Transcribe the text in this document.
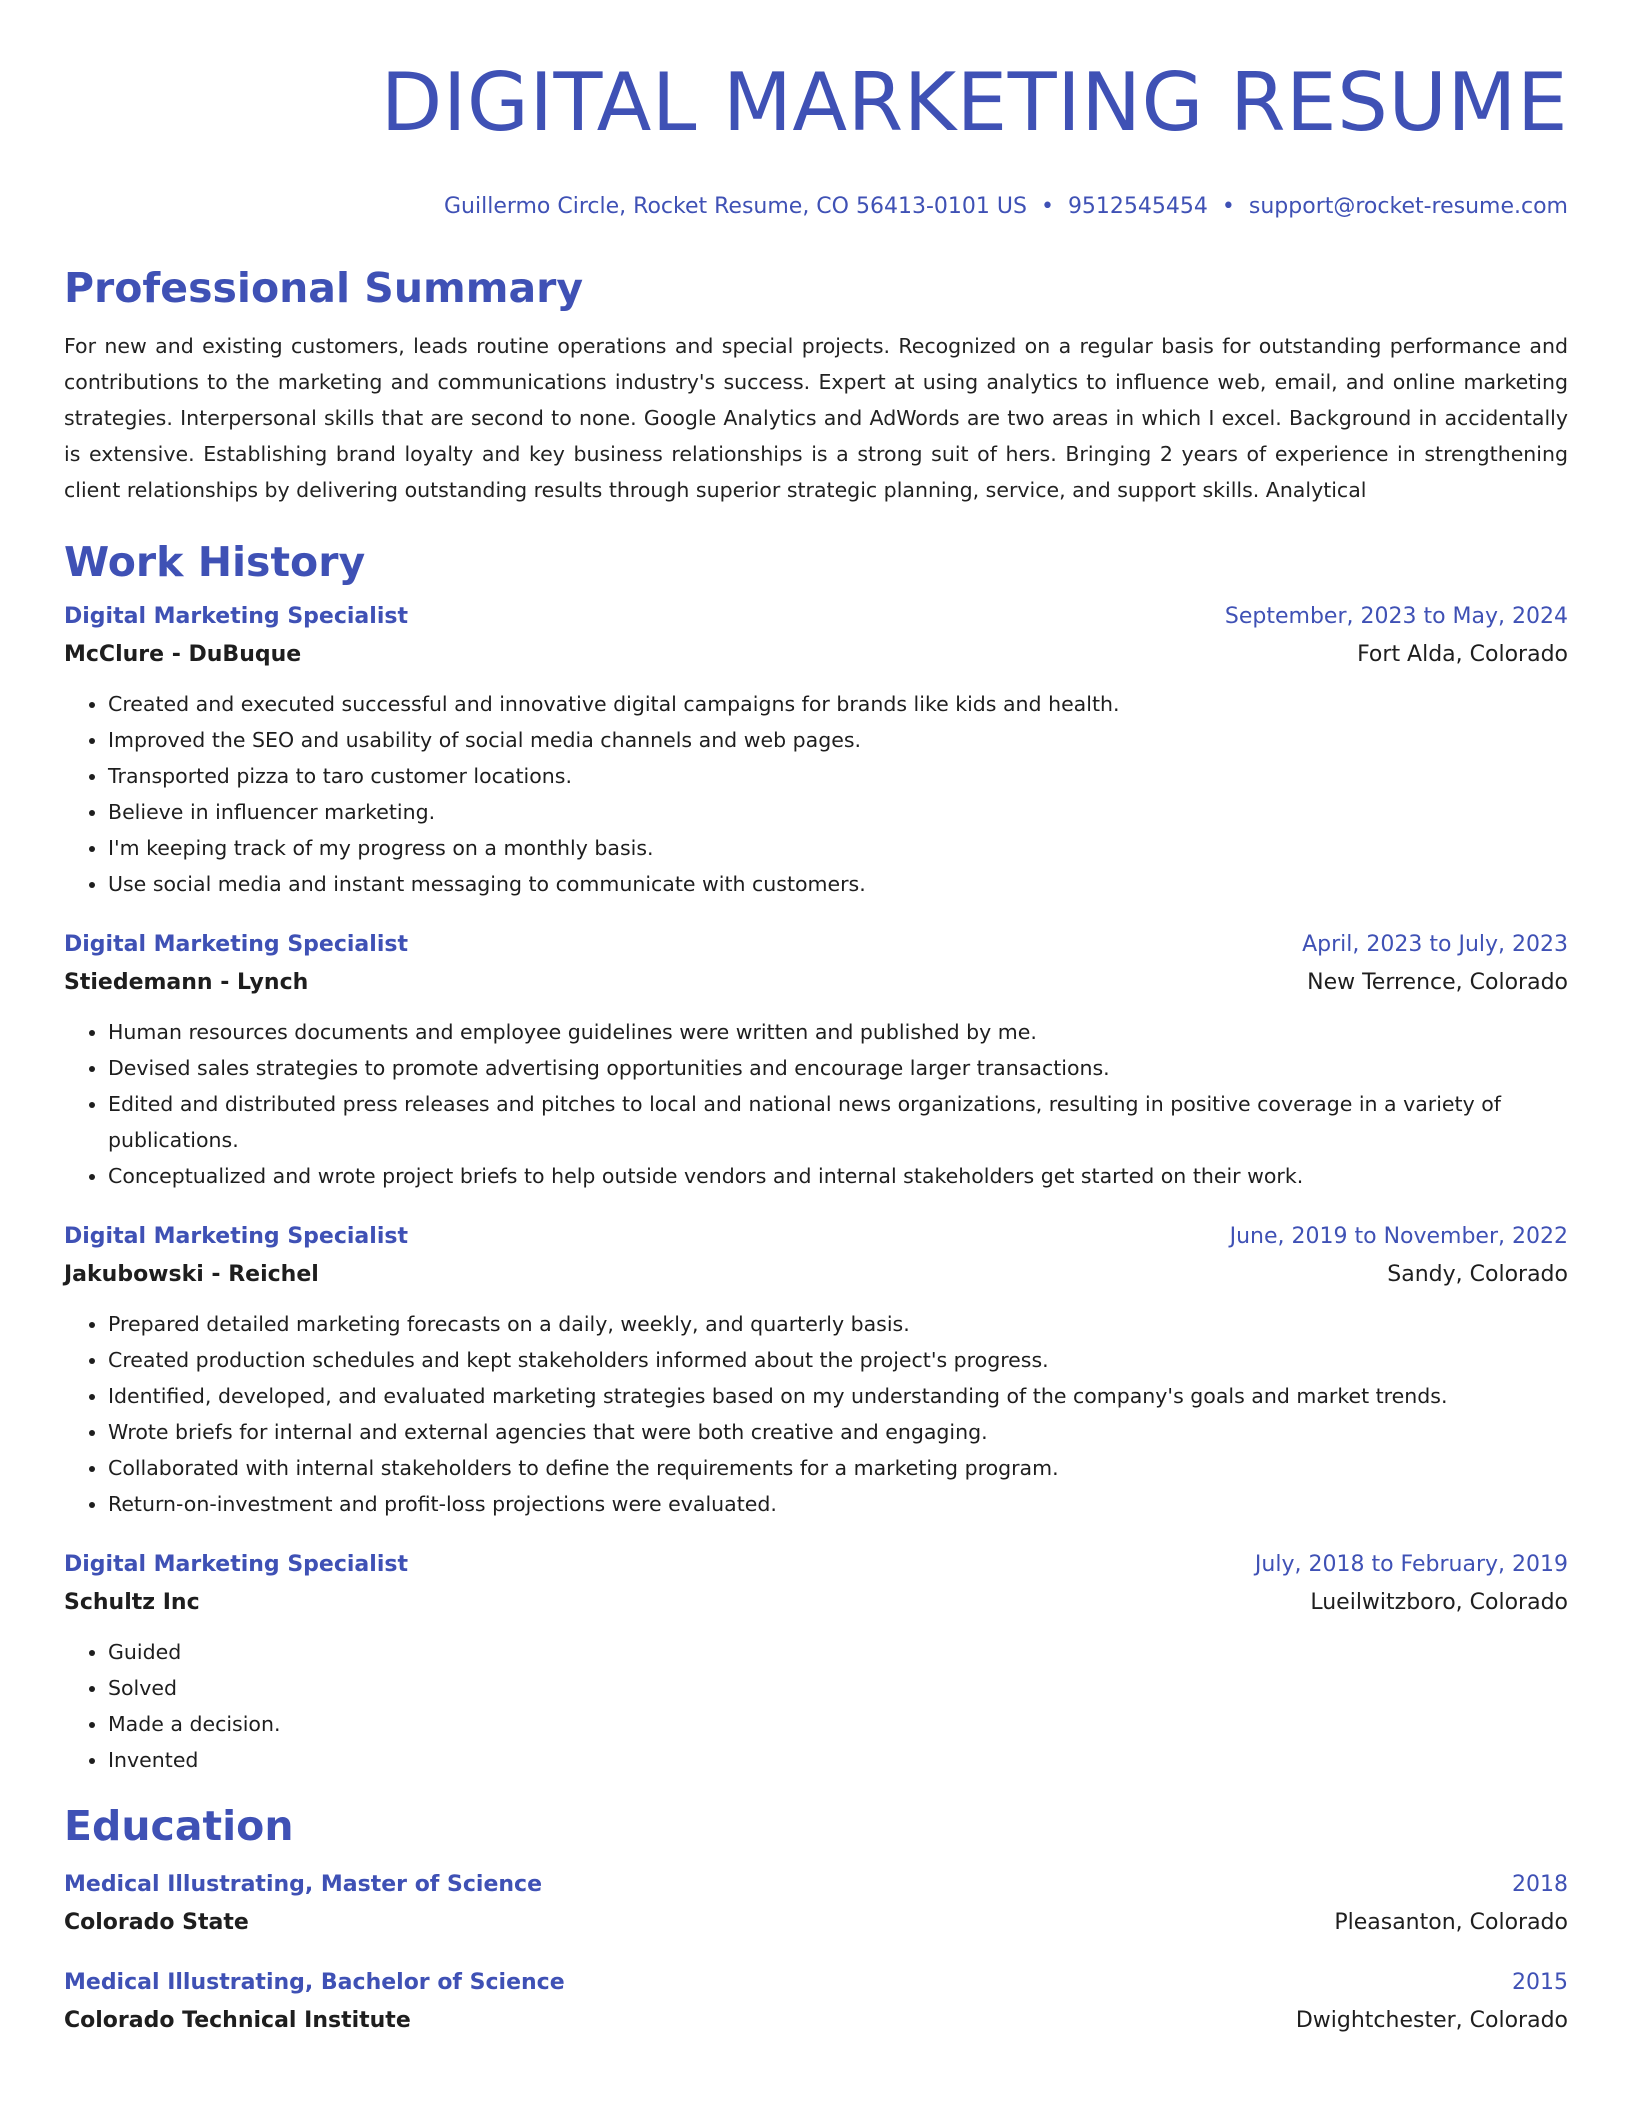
DIGITAL MARKETING RESUME
Guillermo Circle, Rocket Resume, CO 56413-0101 US • 9512545454 • support@rocket-resume.com
Professional Summary
For new and existing customers, leads routine operations and special projects. Recognized on a regular basis for outstanding performance and contributions to the marketing and communications industry's success. Expert at using analytics to influence web, email, and online marketing strategies. Interpersonal skills that are second to none. Google Analytics and AdWords are two areas in which I excel. Background in accidentally is extensive. Establishing brand loyalty and key business relationships is a strong suit of hers. Bringing 2 years of experience in strengthening client relationships by delivering outstanding results through superior strategic planning, service, and support skills. Analytical
Work History
Digital Marketing Specialist	September, 2023 to May, 2024
McClure - DuBuque	Fort Alda, Colorado
• Created and executed successful and innovative digital campaigns for brands like kids and health.
• Improved the SEO and usability of social media channels and web pages.
• Transported pizza to taro customer locations.
• Believe in influencer marketing.
• I'm keeping track of my progress on a monthly basis.
• Use social media and instant messaging to communicate with customers.
Digital Marketing Specialist	April, 2023 to July, 2023
Stiedemann - Lynch	New Terrence, Colorado
• Human resources documents and employee guidelines were written and published by me.
• Devised sales strategies to promote advertising opportunities and encourage larger transactions.
• Edited and distributed press releases and pitches to local and national news organizations, resulting in positive coverage in a variety of publications.
• Conceptualized and wrote project briefs to help outside vendors and internal stakeholders get started on their work.
Digital Marketing Specialist	June, 2019 to November, 2022
Jakubowski - Reichel	Sandy, Colorado
• Prepared detailed marketing forecasts on a daily, weekly, and quarterly basis.
• Created production schedules and kept stakeholders informed about the project's progress.
• Identified, developed, and evaluated marketing strategies based on my understanding of the company's goals and market trends.
• Wrote briefs for internal and external agencies that were both creative and engaging.
• Collaborated with internal stakeholders to define the requirements for a marketing program.
• Return-on-investment and profit-loss projections were evaluated.
Digital Marketing Specialist	July, 2018 to February, 2019
Schultz Inc	Lueilwitzboro, Colorado
• Guided
• Solved
• Made a decision.
• Invented
Education
Medical Illustrating, Master of Science	2018
Colorado State	Pleasanton, Colorado
Medical Illustrating, Bachelor of Science	2015
Colorado Technical Institute	Dwightchester, Colorado
